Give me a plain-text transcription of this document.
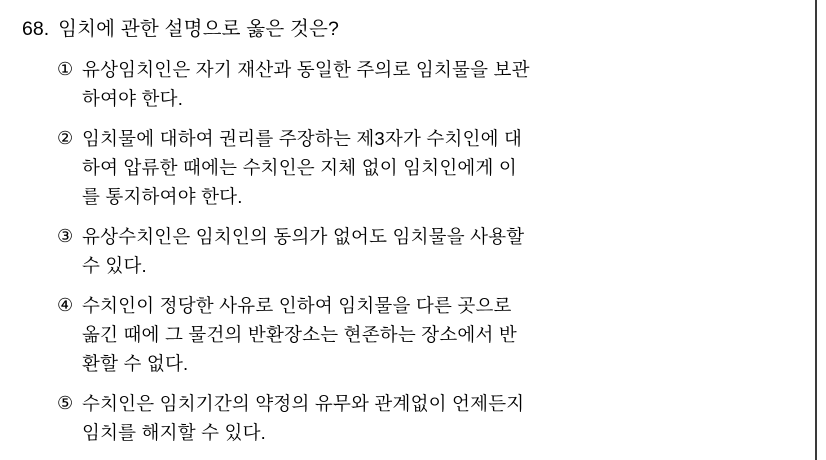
68. 임치에 관한 설명으로 옳은 것은?
① 유상임치인은 자기 재산과 동일한 주의로 임치물을 보관
하여야 한다.
② 임치물에 대하여 권리를 주장하는 제3자가 수치인에 대
하여 압류한 때에는 수치인은 지체 없이 임치인에게 이
를 통지하여야 한다.
③ 유상수치인은 임치인의 동의가 없어도 임치물을 사용할
수 있다.
④ 수치인이 정당한 사유로 인하여 임치물을 다른 곳으로
옮긴 때에 그 물건의 반환장소는 현존하는 장소에서 반
환할 수 없다.
⑤ 수치인은 임치기간의 약정의 유무와 관계없이 언제든지
임치를 해지할 수 있다.
